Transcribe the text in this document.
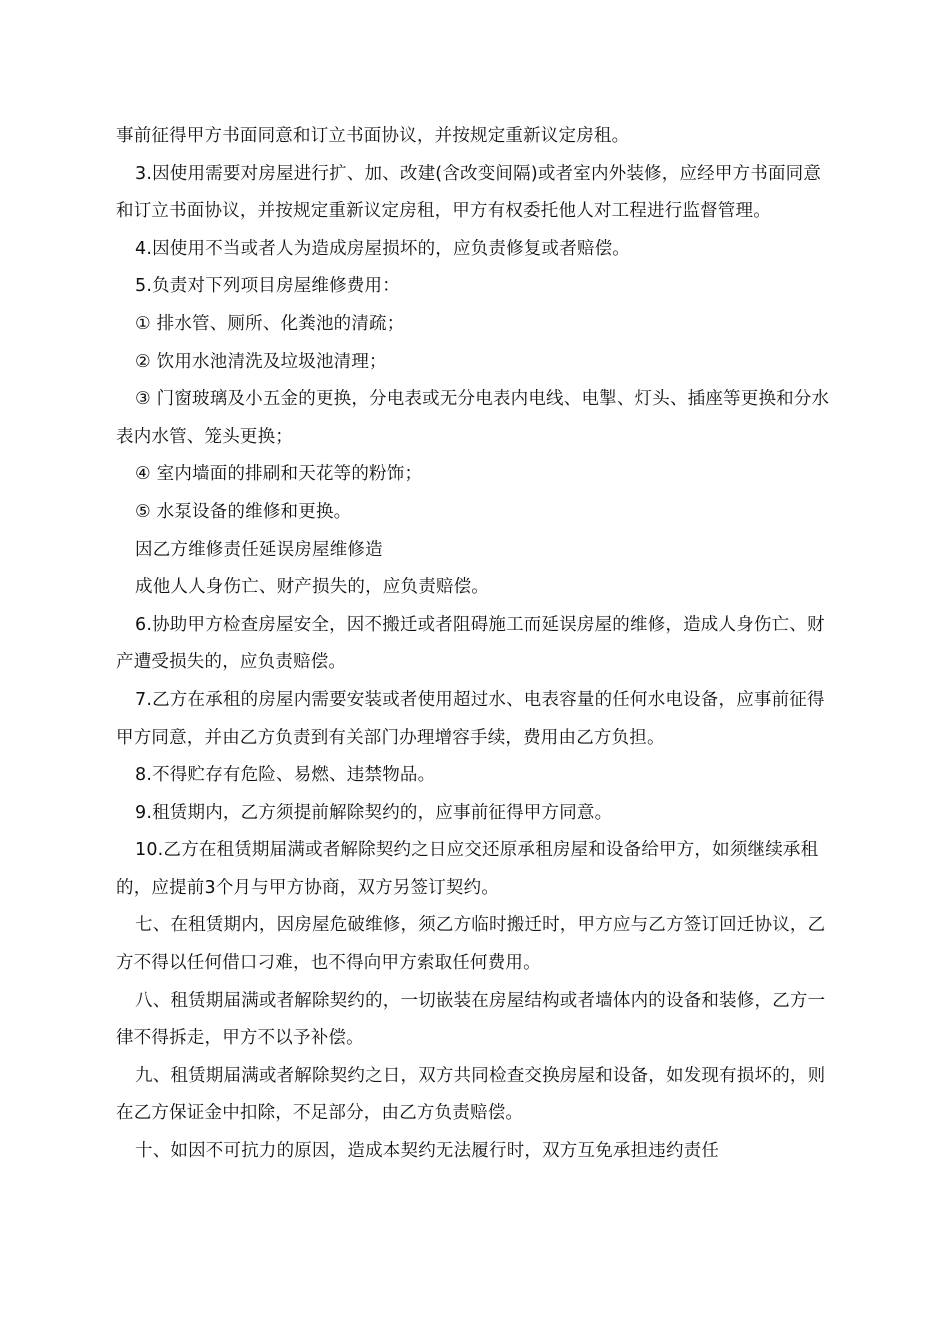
事前征得甲方书面同意和订立书面协议，并按规定重新议定房租。

3.因使用需要对房屋进行扩、加、改建(含改变间隔)或者室内外装修，应经甲方书面同意和订立书面协议，并按规定重新议定房租，甲方有权委托他人对工程进行监督管理。

4.因使用不当或者人为造成房屋损坏的，应负责修复或者赔偿。

5.负责对下列项目房屋维修费用：

① 排水管、厕所、化粪池的清疏；

② 饮用水池清洗及垃圾池清理；

③ 门窗玻璃及小五金的更换，分电表或无分电表内电线、电掣、灯头、插座等更换和分水表内水管、笼头更换；

④ 室内墙面的排刷和天花等的粉饰；

⑤ 水泵设备的维修和更换。

因乙方维修责任延误房屋维修造

成他人人身伤亡、财产损失的，应负责赔偿。

6.协助甲方检查房屋安全，因不搬迁或者阻碍施工而延误房屋的维修，造成人身伤亡、财产遭受损失的，应负责赔偿。

7.乙方在承租的房屋内需要安装或者使用超过水、电表容量的任何水电设备，应事前征得甲方同意，并由乙方负责到有关部门办理增容手续，费用由乙方负担。

8.不得贮存有危险、易燃、违禁物品。

9.租赁期内，乙方须提前解除契约的，应事前征得甲方同意。

10.乙方在租赁期届满或者解除契约之日应交还原承租房屋和设备给甲方，如须继续承租的，应提前3个月与甲方协商，双方另签订契约。

七、在租赁期内，因房屋危破维修，须乙方临时搬迁时，甲方应与乙方签订回迁协议，乙方不得以任何借口刁难，也不得向甲方索取任何费用。

八、租赁期届满或者解除契约的，一切嵌装在房屋结构或者墙体内的设备和装修，乙方一律不得拆走，甲方不以予补偿。

九、租赁期届满或者解除契约之日，双方共同检查交换房屋和设备，如发现有损坏的，则在乙方保证金中扣除，不足部分，由乙方负责赔偿。

十、如因不可抗力的原因，造成本契约无法履行时，双方互免承担违约责任
